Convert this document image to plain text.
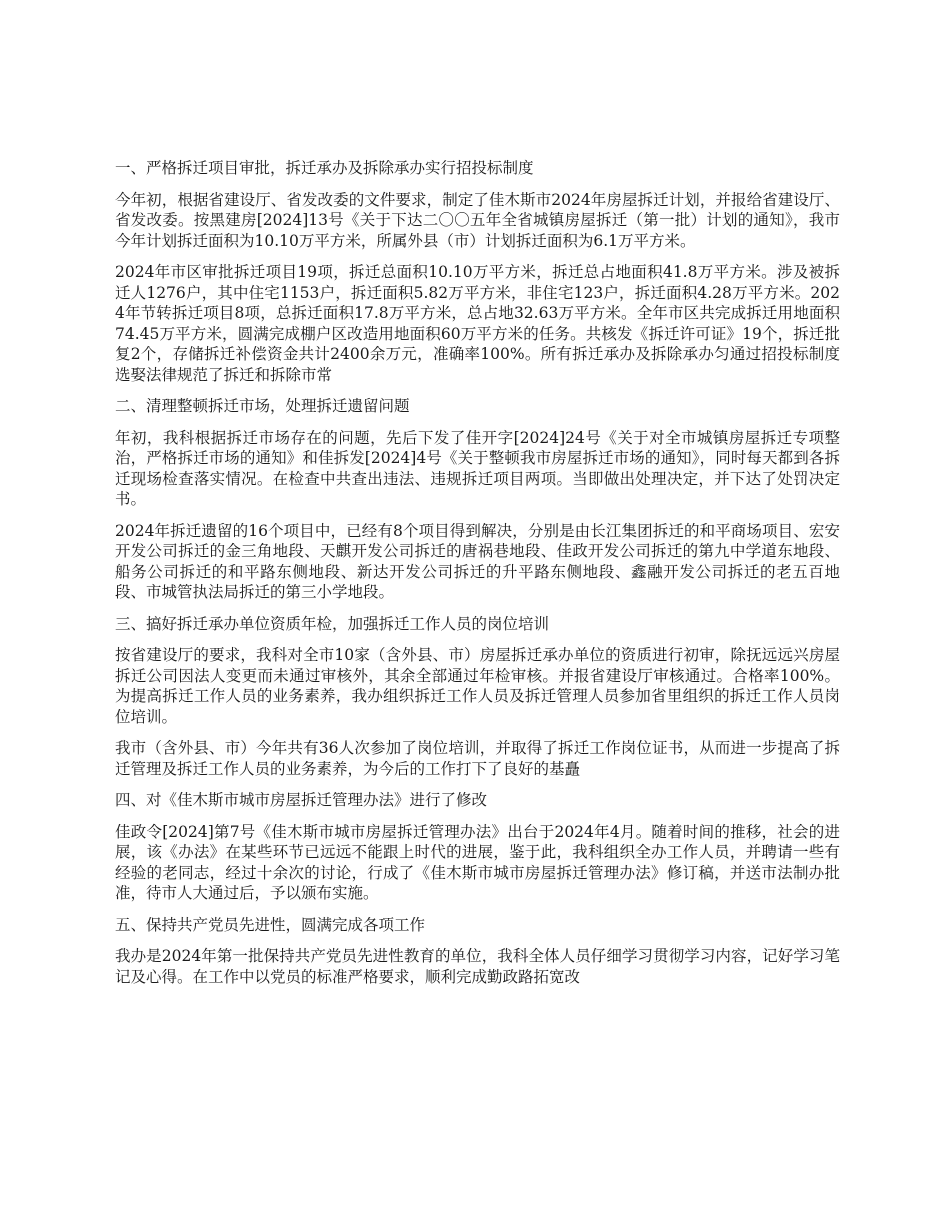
一、严格拆迁项目审批，拆迁承办及拆除承办实行招投标制度
今年初，根据省建设厅、省发改委的文件要求，制定了佳木斯市2024年房屋拆迁计划，并报给省建设厅、省发改委。按黑建房[2024]13号《关于下达二〇〇五年全省城镇房屋拆迁（第一批）计划的通知》，我市今年计划拆迁面积为10.10万平方米，所属外县（市）计划拆迁面积为6.1万平方米。
2024年市区审批拆迁项目19项，拆迁总面积10.10万平方米，拆迁总占地面积41.8万平方米。涉及被拆迁人1276户，其中住宅1153户，拆迁面积5.82万平方米，非住宅123户，拆迁面积4.28万平方米。2024年节转拆迁项目8项，总拆迁面积17.8万平方米，总占地32.63万平方米。全年市区共完成拆迁用地面积74.45万平方米，圆满完成棚户区改造用地面积60万平方米的任务。共核发《拆迁许可证》19个，拆迁批复2个，存储拆迁补偿资金共计2400余万元，准确率100%。所有拆迁承办及拆除承办匀通过招投标制度选娶法律规范了拆迁和拆除市常
二、清理整顿拆迁市场，处理拆迁遗留问题
年初，我科根据拆迁市场存在的问题，先后下发了佳开字[2024]24号《关于对全市城镇房屋拆迁专项整治，严格拆迁市场的通知》和佳拆发[2024]4号《关于整顿我市房屋拆迁市场的通知》，同时每天都到各拆迁现场检查落实情况。在检查中共查出违法、违规拆迁项目两项。当即做出处理决定，并下达了处罚决定书。
2024年拆迁遗留的16个项目中，已经有8个项目得到解决，分别是由长江集团拆迁的和平商场项目、宏安开发公司拆迁的金三角地段、天麒开发公司拆迁的唐祸巷地段、佳政开发公司拆迁的第九中学道东地段、船务公司拆迁的和平路东侧地段、新达开发公司拆迁的升平路东侧地段、鑫融开发公司拆迁的老五百地段、市城管执法局拆迁的第三小学地段。
三、搞好拆迁承办单位资质年检，加强拆迁工作人员的岗位培训
按省建设厅的要求，我科对全市10家（含外县、市）房屋拆迁承办单位的资质进行初审，除抚远远兴房屋拆迁公司因法人变更而未通过审核外，其余全部通过年检审核。并报省建设厅审核通过。合格率100%。为提高拆迁工作人员的业务素养，我办组织拆迁工作人员及拆迁管理人员参加省里组织的拆迁工作人员岗位培训。
我市（含外县、市）今年共有36人次参加了岗位培训，并取得了拆迁工作岗位证书，从而进一步提高了拆迁管理及拆迁工作人员的业务素养，为今后的工作打下了良好的基矗
四、对《佳木斯市城市房屋拆迁管理办法》进行了修改
佳政令[2024]第7号《佳木斯市城市房屋拆迁管理办法》出台于2024年4月。随着时间的推移，社会的进展，该《办法》在某些环节已远远不能跟上时代的进展，鉴于此，我科组织全办工作人员，并聘请一些有经验的老同志，经过十余次的讨论，行成了《佳木斯市城市房屋拆迁管理办法》修订稿，并送市法制办批准，待市人大通过后，予以颁布实施。
五、保持共产党员先进性，圆满完成各项工作
我办是2024年第一批保持共产党员先进性教育的单位，我科全体人员仔细学习贯彻学习内容，记好学习笔记及心得。在工作中以党员的标准严格要求，顺利完成勤政路拓宽改
